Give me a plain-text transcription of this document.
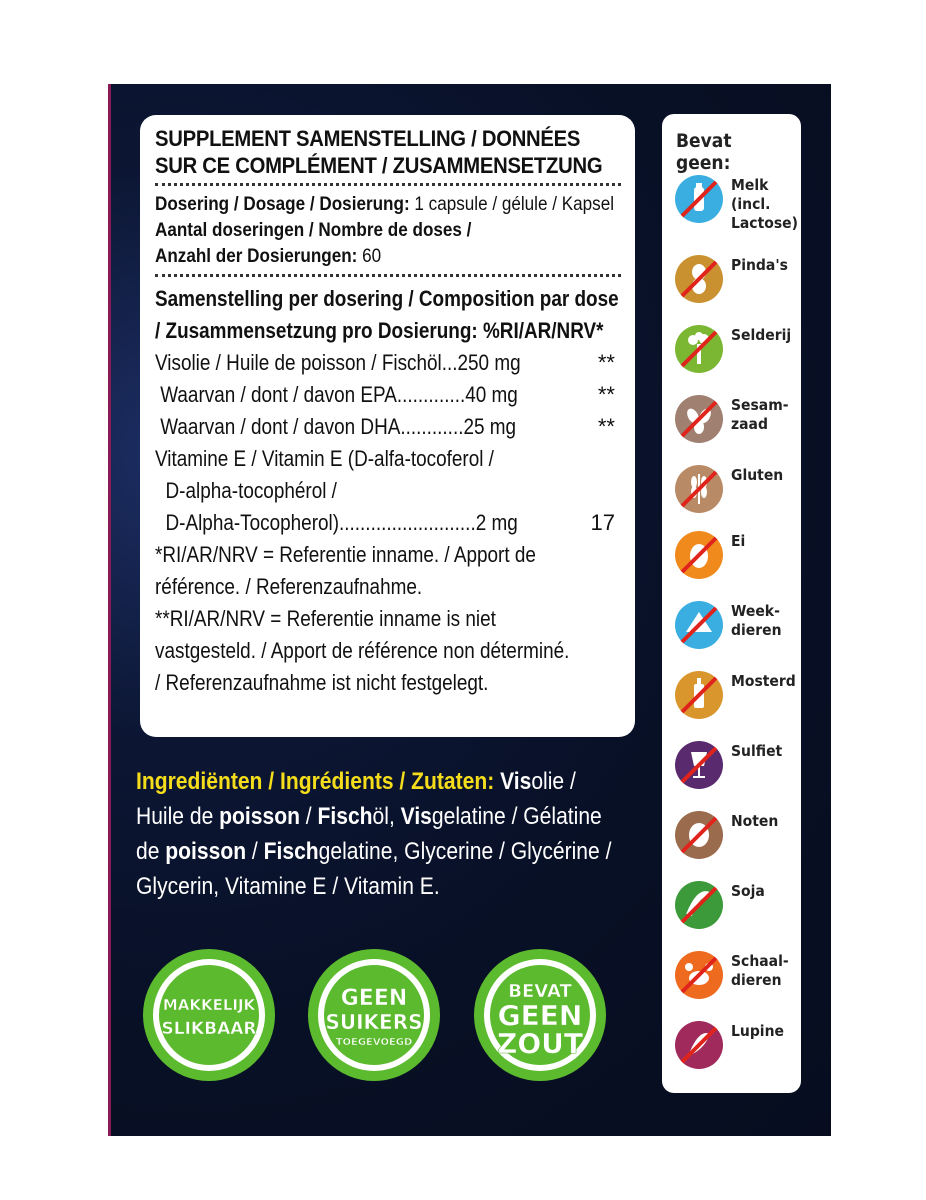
SUPPLEMENT SAMENSTELLING / DONNÉES
SUR CE COMPLÉMENT / ZUSAMMENSETZUNG
Dosering / Dosage / Dosierung: 1 capsule / gélule / Kapsel
Aantal doseringen / Nombre de doses /
Anzahl der Dosierungen: 60
Samenstelling per dosering / Composition par dose
/ Zusammensetzung pro Dosierung: %RI/AR/NRV*
Visolie / Huile de poisson / Fischöl...250 mg	**
Waarvan / dont / davon EPA.............40 mg	**
Waarvan / dont / davon DHA............25 mg	**
Vitamine E / Vitamin E (D-alfa-tocoferol /
D-alpha-tocophérol /
D-Alpha-Tocopherol)..........................2 mg	17
*RI/AR/NRV = Referentie inname. / Apport de
référence. / Referenzaufnahme.
**RI/AR/NRV = Referentie inname is niet
vastgesteld. / Apport de référence non déterminé.
/ Referenzaufnahme ist nicht festgelegt.
Ingrediënten / Ingrédients / Zutaten: Visolie / Huile de poisson / Fischöl, Visgelatine / Gélatine de poisson / Fischgelatine, Glycerine / Glycérine / Glycerin, Vitamine E / Vitamin E.
Bevat geen:
Melk
(incl.
Lactose)
Pinda's
Selderij
Sesam-
zaad
Gluten
Ei
Week-
dieren
Mosterd
Sulfiet
Noten
Soja
Schaal-
dieren
Lupine
MAKKELIJK
SLIKBAAR
GEEN
SUIKERS
TOEGEVOEGD
BEVAT
GEEN
ZOUT
